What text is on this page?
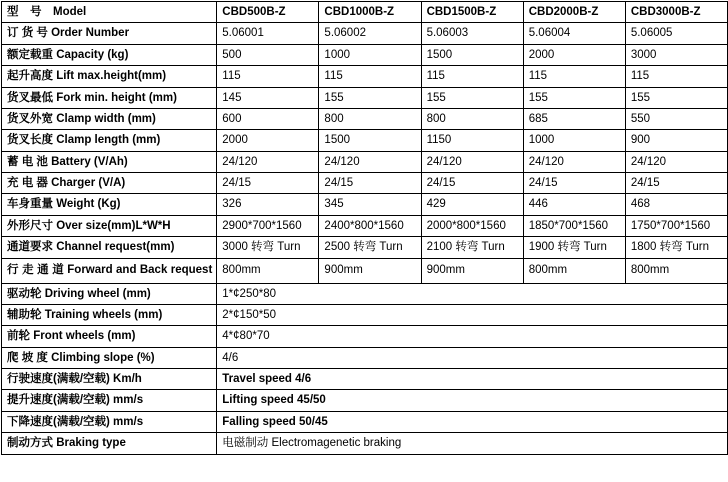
型　号　Model	CBD500B-Z	CBD1000B-Z	CBD1500B-Z	CBD2000B-Z	CBD3000B-Z

订 货 号 Order Number	5.06001	5.06002	5.06003	5.06004	5.06005

额定载重 Capacity (kg)	500	1000	1500	2000	3000

起升高度 Lift max.height(mm)	115	115	115	115	115

货叉最低 Fork min. height (mm)	145	155	155	155	155

货叉外宽 Clamp width (mm)	600	800	800	685	550

货叉长度 Clamp length (mm)	2000	1500	1150	1000	900

蓄 电 池 Battery (V/Ah)	24/120	24/120	24/120	24/120	24/120

充 电 器 Charger (V/A)	24/15	24/15	24/15	24/15	24/15

车身重量 Weight (Kg)	326	345	429	446	468

外形尺寸 Over size(mm)L*W*H	2900*700*1560	2400*800*1560	2000*800*1560	1850*700*1560	1750*700*1560

通道要求 Channel request(mm)	3000 转弯 Turn	2500 转弯 Turn	2100 转弯 Turn	1900 转弯 Turn	1800 转弯 Turn

行 走 通 道 Forward and Back request	800mm	900mm	900mm	800mm	800mm

驱动轮 Driving wheel (mm)	1*¢250*80				

辅助轮 Training wheels (mm)	2*¢150*50				

前轮 Front wheels (mm)	4*¢80*70				

爬 坡 度 Climbing slope (%)	4/6				

行驶速度(满载/空载) Km/h	Travel speed 4/6				

提升速度(满载/空载) mm/s	Lifting speed 45/50				

下降速度(满载/空载) mm/s	Falling speed 50/45				

制动方式 Braking type	电磁制动 Electromagenetic braking				
